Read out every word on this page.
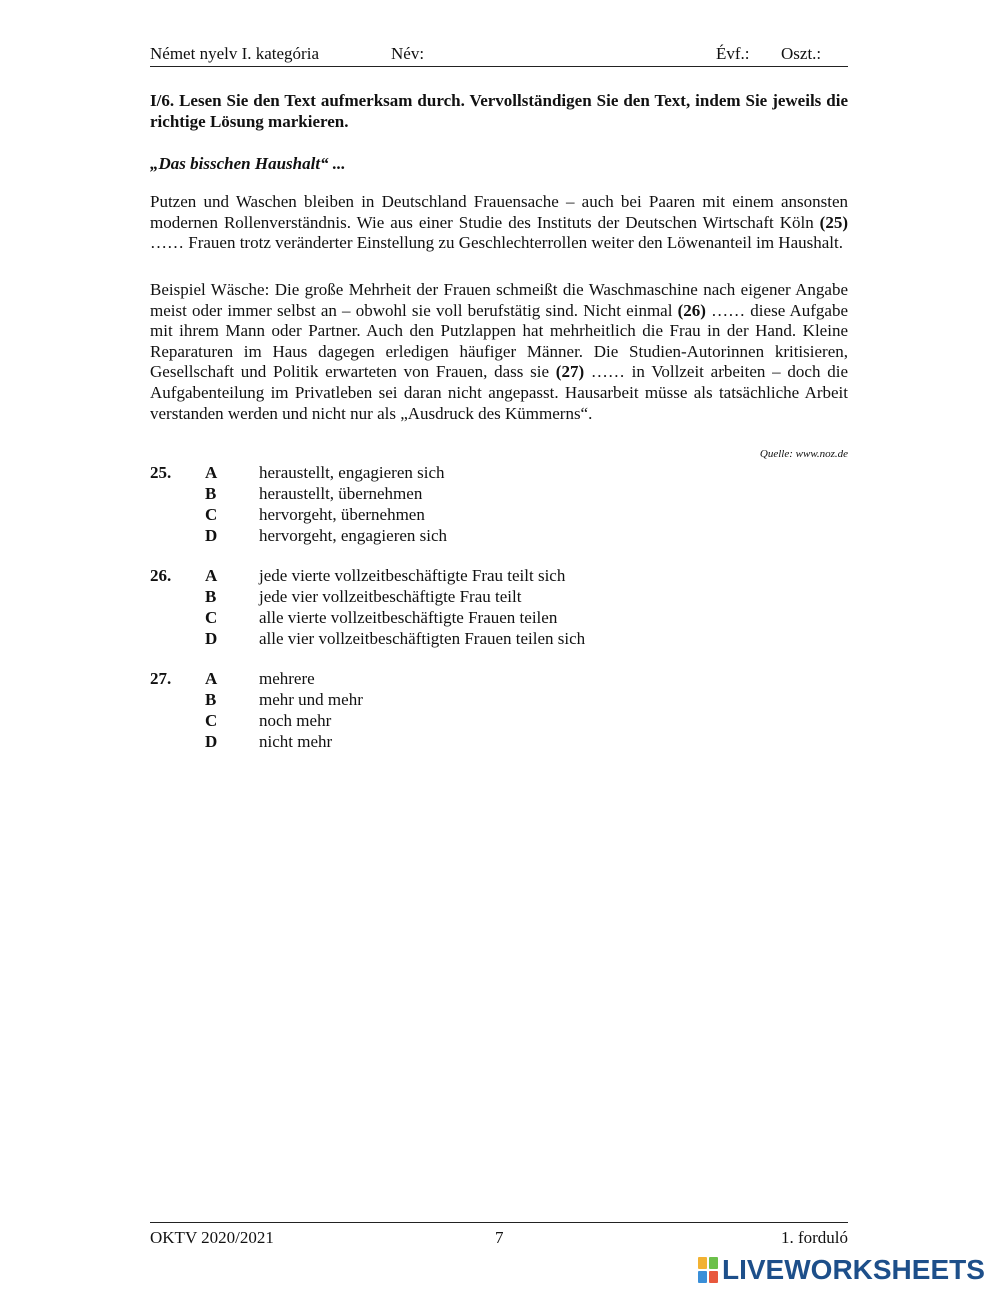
Német nyelv I. kategória	Név:	Évf.: Oszt.:
I/6. Lesen Sie den Text aufmerksam durch. Vervollständigen Sie den Text, indem Sie jeweils die richtige Lösung markieren.
„Das bisschen Haushalt“ ...

Putzen und Waschen bleiben in Deutschland Frauensache – auch bei Paaren mit einem ansonsten modernen Rollenverständnis. Wie aus einer Studie des Instituts der Deutschen Wirtschaft Köln (25) …… Frauen trotz veränderter Einstellung zu Geschlechterrollen weiter den Löwenanteil im Haushalt.

Beispiel Wäsche: Die große Mehrheit der Frauen schmeißt die Waschmaschine nach eigener Angabe meist oder immer selbst an – obwohl sie voll berufstätig sind. Nicht einmal (26) …… diese Aufgabe mit ihrem Mann oder Partner. Auch den Putzlappen hat mehrheitlich die Frau in der Hand. Kleine Reparaturen im Haus dagegen erledigen häufiger Männer. Die Studien-Autorinnen kritisieren, Gesellschaft und Politik erwarteten von Frauen, dass sie (27) …… in Vollzeit arbeiten – doch die Aufgabenteilung im Privatleben sei daran nicht angepasst. Hausarbeit müsse als tatsächliche Arbeit verstanden werden und nicht nur als „Ausdruck des Kümmerns“.

Quelle: www.noz.de
25. A heraustellt, engagieren sich
B	heraustellt, übernehmen
C hervorgeht, übernehmen
D hervorgeht, engagieren sich
26. A jede vierte vollzeitbeschäftigte Frau teilt sich
B	jede vier vollzeitbeschäftigte Frau teilt
C alle vierte vollzeitbeschäftigte Frauen teilen
D alle vier vollzeitbeschäftigten Frauen teilen sich
27. A mehrere
B	mehr und mehr
C noch mehr
D nicht mehr
OKTV 2020/2021	7	1. forduló
LIVEWORKSHEETS
